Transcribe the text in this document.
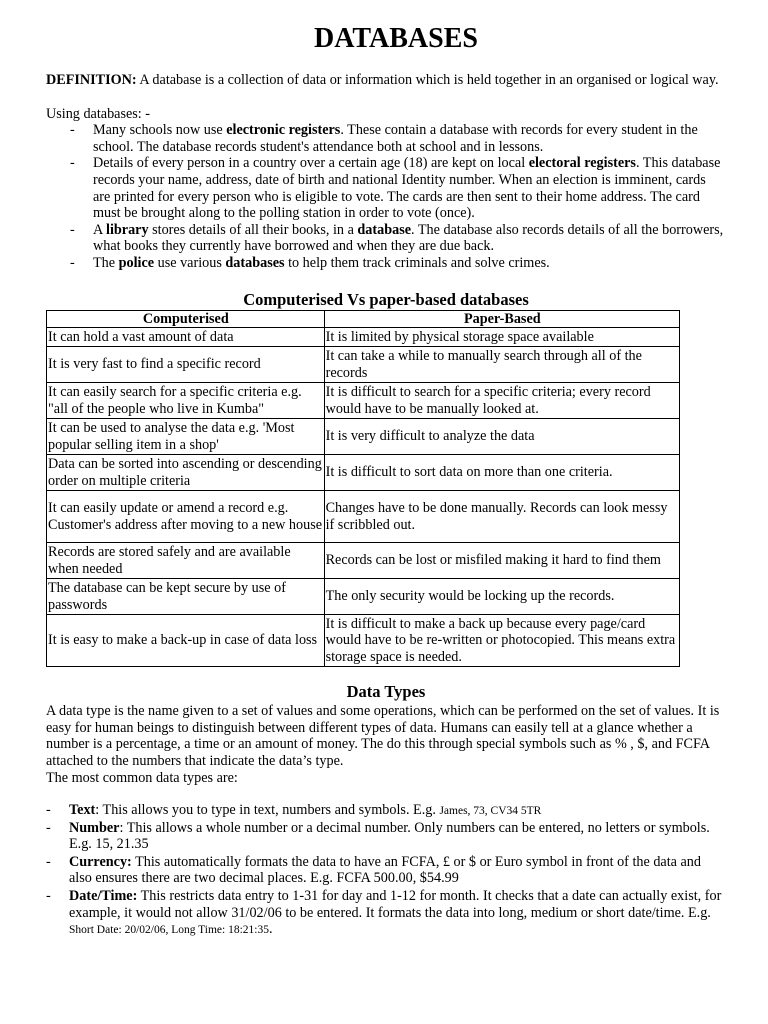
DATABASES

DEFINITION: A database is a collection of data or information which is held together in an organised or logical way.

Using databases: -

- Many schools now use electronic registers. These contain a database with records for every student in the school. The database records student's attendance both at school and in lessons.
- Details of every person in a country over a certain age (18) are kept on local electoral registers. This database records your name, address, date of birth and national Identity number. When an election is imminent, cards are printed for every person who is eligible to vote. The cards are then sent to their home address. The card must be brought along to the polling station in order to vote (once).
- A library stores details of all their books, in a database. The database also records details of all the borrowers, what books they currently have borrowed and when they are due back.
- The police use various databases to help them track criminals and solve crimes.
Computerised Vs paper-based databases
Computerised	Paper-Based
It can hold a vast amount of data	It is limited by physical storage space available
It is very fast to find a specific record	It can take a while to manually search through all of the records
It can easily search for a specific criteria e.g. "all of the people who live in Kumba"	It is difficult to search for a specific criteria; every record would have to be manually looked at.
It can be used to analyse the data e.g. 'Most popular selling item in a shop'	It is very difficult to analyze the data
Data can be sorted into ascending or descending order on multiple criteria	It is difficult to sort data on more than one criteria.
It can easily update or amend a record e.g. Customer's address after moving to a new house	Changes have to be done manually. Records can look messy if scribbled out.
Records are stored safely and are available when needed	Records can be lost or misfiled making it hard to find them
The database can be kept secure by use of passwords	The only security would be locking up the records.
It is easy to make a back-up in case of data loss	It is difficult to make a back up because every page/card would have to be re-written or photocopied. This means extra storage space is needed.
Data Types

A data type is the name given to a set of values and some operations, which can be performed on the set of values. It is easy for human beings to distinguish between different types of data. Humans can easily tell at a glance whether a number is a percentage, a time or an amount of money. The do this through special symbols such as % , $, and FCFA attached to the numbers that indicate the data’s type.

The most common data types are:

- Text: This allows you to type in text, numbers and symbols. E.g. James, 73, CV34 5TR
- Number: This allows a whole number or a decimal number. Only numbers can be entered, no letters or symbols. E.g. 15, 21.35
- Currency: This automatically formats the data to have an FCFA, £ or $ or Euro symbol in front of the data and also ensures there are two decimal places. E.g. FCFA 500.00, $54.99
- Date/Time: This restricts data entry to 1-31 for day and 1-12 for month. It checks that a date can actually exist, for example, it would not allow 31/02/06 to be entered. It formats the data into long, medium or short date/time. E.g. Short Date: 20/02/06, Long Time: 18:21:35.
